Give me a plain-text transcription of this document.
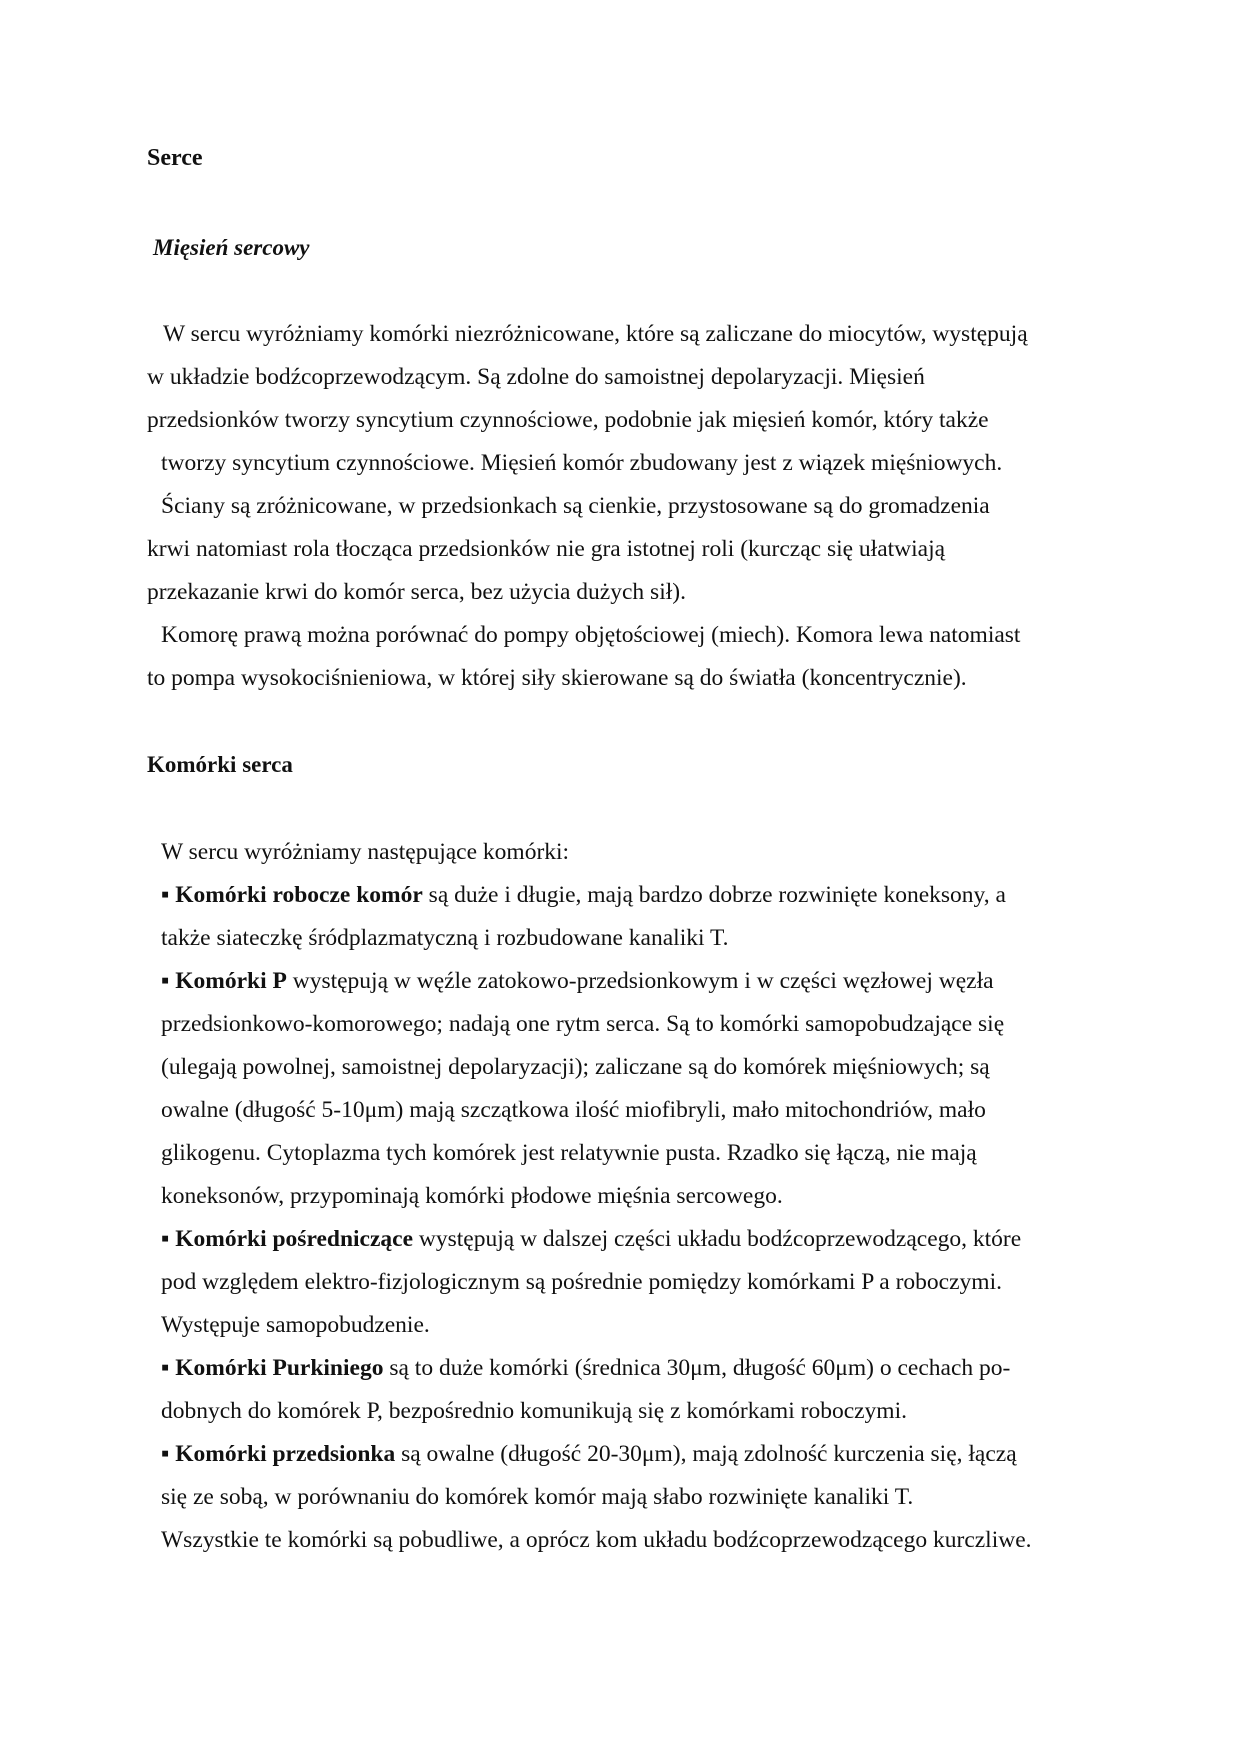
Serce
Mięsień sercowy
W sercu wyróżniamy komórki niezróżnicowane, które są zaliczane do miocytów, występują
w układzie bodźcoprzewodzącym. Są zdolne do samoistnej depolaryzacji. Mięsień
przedsionków tworzy syncytium czynnościowe, podobnie jak mięsień komór, który także
tworzy syncytium czynnościowe. Mięsień komór zbudowany jest z wiązek mięśniowych.
Ściany są zróżnicowane, w przedsionkach są cienkie, przystosowane są do gromadzenia
krwi natomiast rola tłocząca przedsionków nie gra istotnej roli (kurcząc się ułatwiają
przekazanie krwi do komór serca, bez użycia dużych sił).
Komorę prawą można porównać do pompy objętościowej (miech). Komora lewa natomiast
to pompa wysokociśnieniowa, w której siły skierowane są do światła (koncentrycznie).
Komórki serca
W sercu wyróżniamy następujące komórki:
▪ Komórki robocze komór są duże i długie, mają bardzo dobrze rozwinięte koneksony, a
także siateczkę śródplazmatyczną i rozbudowane kanaliki T.
▪ Komórki P występują w węźle zatokowo-przedsionkowym i w części węzłowej węzła
przedsionkowo-komorowego; nadają one rytm serca. Są to komórki samopobudzające się
(ulegają powolnej, samoistnej depolaryzacji); zaliczane są do komórek mięśniowych; są
owalne (długość 5-10μm) mają szczątkowa ilość miofibryli, mało mitochondriów, mało
glikogenu. Cytoplazma tych komórek jest relatywnie pusta. Rzadko się łączą, nie mają
koneksonów, przypominają komórki płodowe mięśnia sercowego.
▪ Komórki pośredniczące występują w dalszej części układu bodźcoprzewodzącego, które
pod względem elektro-fizjologicznym są pośrednie pomiędzy komórkami P a roboczymi.
Występuje samopobudzenie.
▪ Komórki Purkiniego są to duże komórki (średnica 30μm, długość 60μm) o cechach po-
dobnych do komórek P, bezpośrednio komunikują się z komórkami roboczymi.
▪ Komórki przedsionka są owalne (długość 20-30μm), mają zdolność kurczenia się, łączą
się ze sobą, w porównaniu do komórek komór mają słabo rozwinięte kanaliki T.
Wszystkie te komórki są pobudliwe, a oprócz kom układu bodźcoprzewodzącego kurczliwe.
